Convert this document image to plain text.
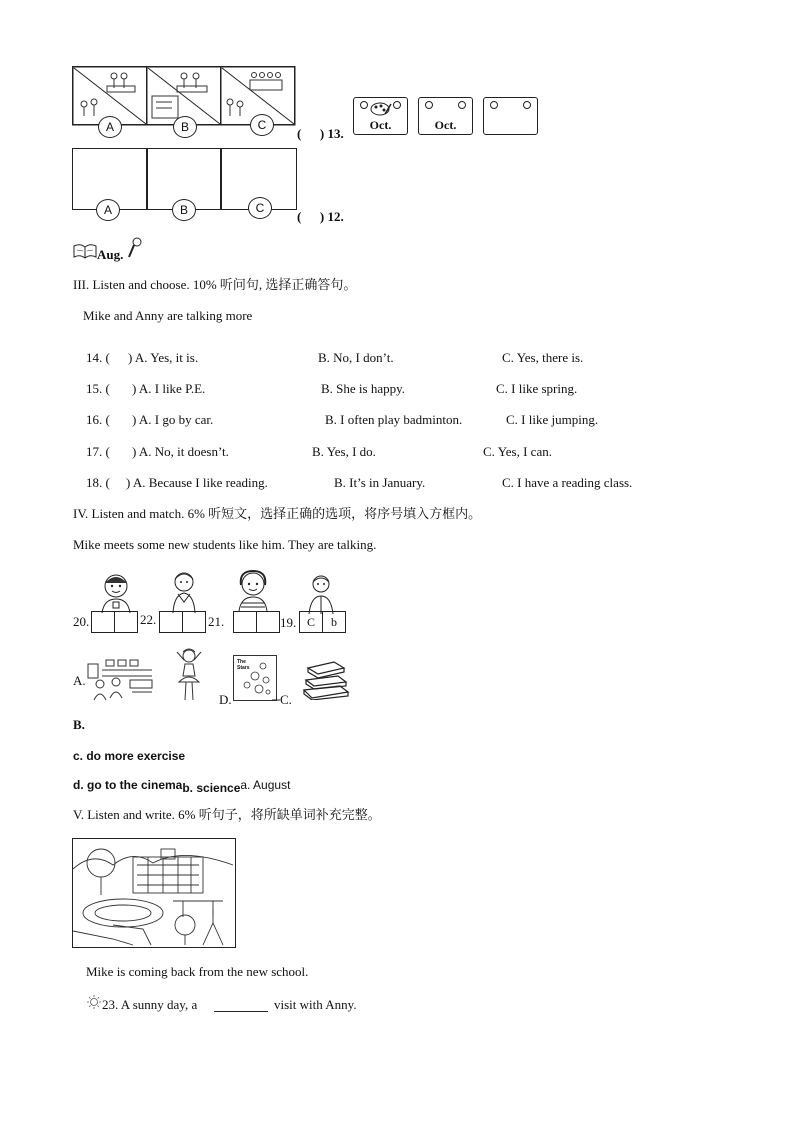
A	B	C
( ) 13.
Oct.	Oct.
A	B	C
( ) 12.
Aug.
III. Listen and choose. 10% 听问句, 选择正确答句。
Mike and Anny are talking more
14. ( ) A. Yes, it is.	B. No, I don’t.	C. Yes, there is.
15. ( ) A. I like P.E.	B. She is happy.	C. I like spring.
16. ( ) A. I go by car.	B. I often play badminton.	C. I like jumping.
17. ( ) A. No, it doesn’t.	B. Yes, I do.	C. Yes, I can.
18. ( ) A. Because I like reading.	B. It’s in January.	C. I have a reading class.
IV. Listen and match. 6% 听短文，选择正确的选项，将序号填入方框内。
Mike meets some new students like him. They are talking.
20.	22.	21.	19. C	b
A.
D.
The Stars
C.
B.
c. do more exercise
d. go to the cinemab. sciencea. August
V. Listen and write. 6% 听句子，将所缺单词补充完整。
Mike is coming back from the new school.
23. A sunny day, a	visit with Anny.
